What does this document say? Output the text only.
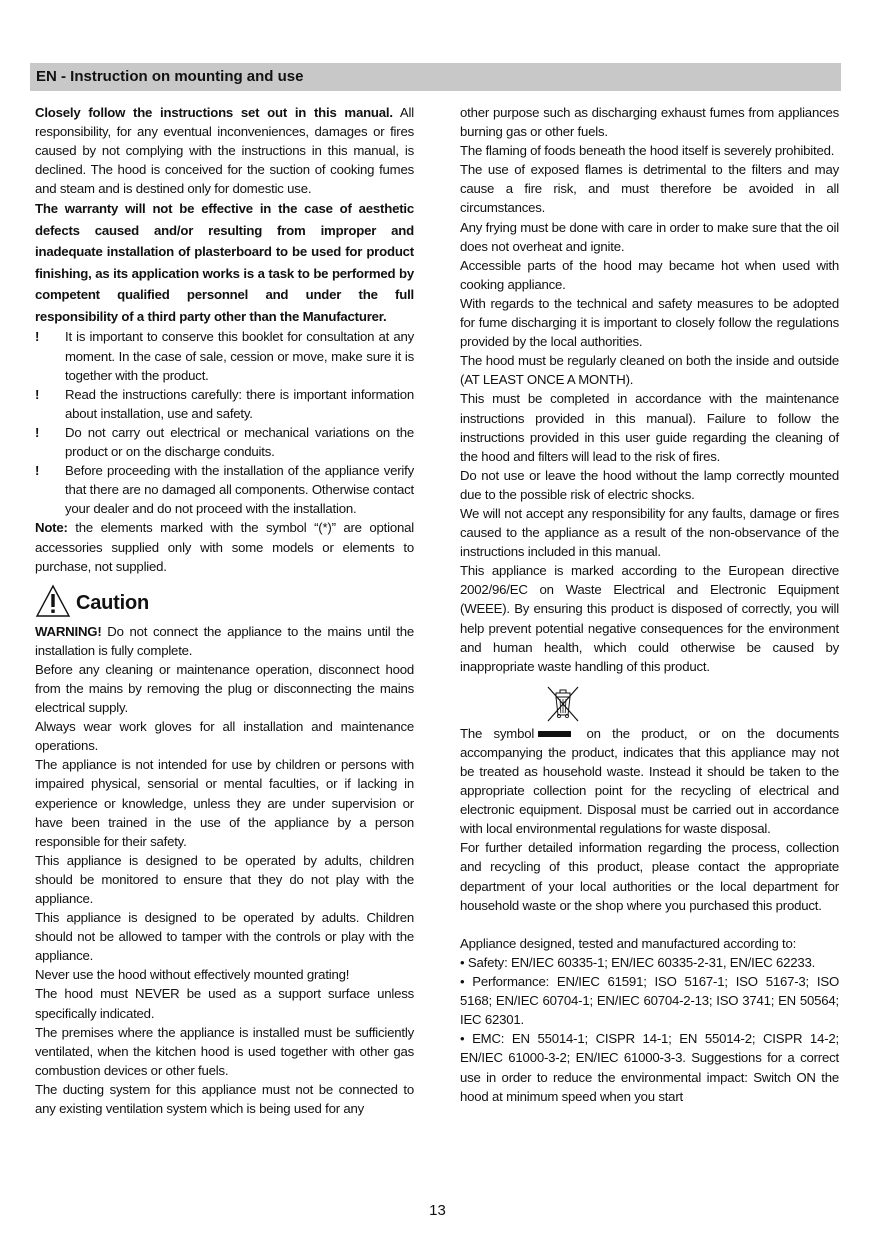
EN - Instruction on mounting and use

Closely follow the instructions set out in this manual. All responsibility, for any eventual inconveniences, damages or fires caused by not complying with the instructions in this manual, is declined. The hood is conceived for the suction of cooking fumes and steam and is destined only for domestic use.

The warranty will not be effective in the case of aesthetic defects caused and/or resulting from improper and inadequate installation of plasterboard to be used for product finishing, as its application works is a task to be performed by competent qualified personnel and under the full responsibility of a third party other than the Manufacturer.

! It is important to conserve this booklet for consultation at any moment. In the case of sale, cession or move, make sure it is together with the product.
! Read the instructions carefully: there is important information about installation, use and safety.
! Do not carry out electrical or mechanical variations on the product or on the discharge conduits.
! Before proceeding with the installation of the appliance verify that there are no damaged all components. Otherwise contact your dealer and do not proceed with the installation.

Note: the elements marked with the symbol “(*)” are optional accessories supplied only with some models or elements to purchase, not supplied.

Caution

WARNING! Do not connect the appliance to the mains until the installation is fully complete.

Before any cleaning or maintenance operation, disconnect hood from the mains by removing the plug or disconnecting the mains electrical supply.

Always wear work gloves for all installation and maintenance operations.

The appliance is not intended for use by children or persons with impaired physical, sensorial or mental faculties, or if lacking in experience or knowledge, unless they are under supervision or have been trained in the use of the appliance by a person responsible for their safety.

This appliance is designed to be operated by adults, children should be monitored to ensure that they do not play with the appliance.

This appliance is designed to be operated by adults. Children should not be allowed to tamper with the controls or play with the appliance.

Never use the hood without effectively mounted grating!

The hood must NEVER be used as a support surface unless specifically indicated.

The premises where the appliance is installed must be sufficiently ventilated, when the kitchen hood is used together with other gas combustion devices or other fuels.

The ducting system for this appliance must not be connected to any existing ventilation system which is being used for any

other purpose such as discharging exhaust fumes from appliances burning gas or other fuels.

The flaming of foods beneath the hood itself is severely prohibited.

The use of exposed flames is detrimental to the filters and may cause a fire risk, and must therefore be avoided in all circumstances.

Any frying must be done with care in order to make sure that the oil does not overheat and ignite.

Accessible parts of the hood may became hot when used with cooking appliance.

With regards to the technical and safety measures to be adopted for fume discharging it is important to closely follow the regulations provided by the local authorities.

The hood must be regularly cleaned on both the inside and outside (AT LEAST ONCE A MONTH).

This must be completed in accordance with the maintenance instructions provided in this manual). Failure to follow the instructions provided in this user guide regarding the cleaning of the hood and filters will lead to the risk of fires.

Do not use or leave the hood without the lamp correctly mounted due to the possible risk of electric shocks.

We will not accept any responsibility for any faults, damage or fires caused to the appliance as a result of the non-observance of the instructions included in this manual.

This appliance is marked according to the European directive 2002/96/EC on Waste Electrical and Electronic Equipment (WEEE). By ensuring this product is disposed of correctly, you will help prevent potential negative consequences for the environment and human health, which could otherwise be caused by inappropriate waste handling of this product.

The symbol	on the product, or on the documents accompanying the product, indicates that this appliance may not be treated as household waste. Instead it should be taken to the appropriate collection point for the recycling of electrical and electronic equipment. Disposal must be carried out in accordance with local environmental regulations for waste disposal.

For further detailed information regarding the process, collection and recycling of this product, please contact the appropriate department of your local authorities or the local department for household waste or the shop where you purchased this product.

Appliance designed, tested and manufactured according to:

• Safety: EN/IEC 60335-1; EN/IEC 60335-2-31, EN/IEC 62233.

• Performance: EN/IEC 61591; ISO 5167-1; ISO 5167-3; ISO 5168; EN/IEC 60704-1; EN/IEC 60704-2-13; ISO 3741; EN 50564; IEC 62301.

• EMC: EN 55014-1; CISPR 14-1; EN 55014-2; CISPR 14-2; EN/IEC 61000-3-2; EN/IEC 61000-3-3. Suggestions for a correct use in order to reduce the environmental impact: Switch ON the hood at minimum speed when you start

13
